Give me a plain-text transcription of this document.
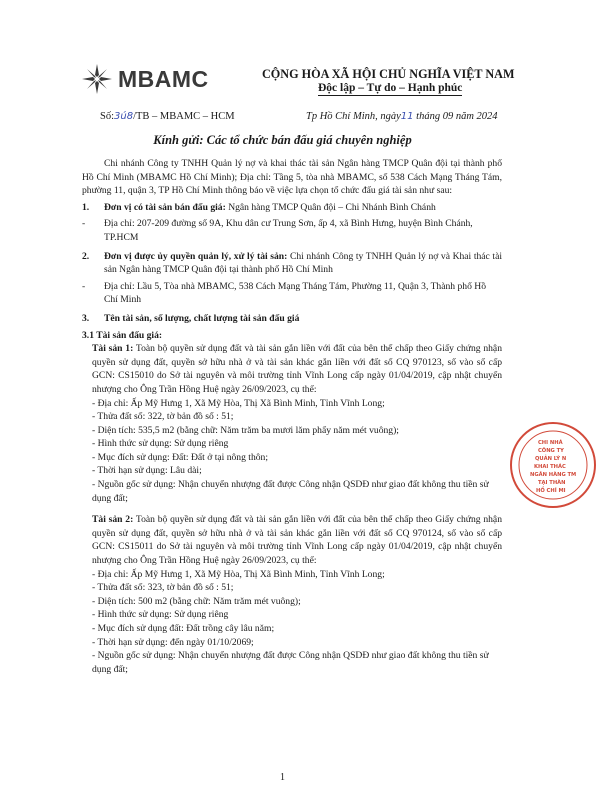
MBAMC	CỘNG HÒA XÃ HỘI CHỦ NGHĨA VIỆT NAM
Độc lập – Tự do – Hạnh phúc
Số:3ú8/TB – MBAMC – HCM	Tp Hồ Chí Minh, ngày11 tháng 09 năm 2024
Kính gửi: Các tổ chức bán đấu giá chuyên nghiệp

Chi nhánh Công ty TNHH Quản lý nợ và khai thác tài sản Ngân hàng TMCP Quân đội tại thành phố Hồ Chí Minh (MBAMC Hồ Chí Minh); Địa chỉ: Tầng 5, tòa nhà MBAMC, số 538 Cách Mạng Tháng Tám, phường 11, quận 3, TP Hồ Chí Minh thông báo về việc lựa chọn tổ chức đấu giá tài sản như sau:

1.	Đơn vị có tài sản bán đấu giá: Ngân hàng TMCP Quân đội – Chi Nhánh Bình Chánh
-	Địa chỉ: 207-209 đường số 9A, Khu dân cư Trung Sơn, ấp 4, xã Bình Hưng, huyện Bình Chánh, TP.HCM
2.	Đơn vị được ủy quyền quản lý, xử lý tài sản: Chi nhánh Công ty TNHH Quản lý nợ và Khai thác tài sản Ngân hàng TMCP Quân đội tại thành phố Hồ Chí Minh
-	Địa chỉ: Lầu 5, Tòa nhà MBAMC, 538 Cách Mạng Tháng Tám, Phường 11, Quận 3, Thành phố Hồ Chí Minh
3.	Tên tài sản, số lượng, chất lượng tài sản đấu giá
3.1 Tài sản đấu giá:

Tài sản 1: Toàn bộ quyền sử dụng đất và tài sản gắn liền với đất của bên thế chấp theo Giấy chứng nhận quyền sử dụng đất, quyền sở hữu nhà ở và tài sản khác gắn liền với đất số CQ 970123, số vào sổ cấp GCN: CS15010 do Sở tài nguyên và môi trường tỉnh Vĩnh Long cấp ngày 01/04/2019, cập nhật chuyển nhượng cho Ông Trần Hồng Huệ ngày 26/09/2023, cụ thể:

- Địa chỉ: Ấp Mỹ Hưng 1, Xã Mỹ Hòa, Thị Xã Bình Minh, Tỉnh Vĩnh Long;

- Thửa đất số: 322, tờ bản đồ số : 51;

- Diện tích: 535,5 m2 (bằng chữ: Năm trăm ba mươi lăm phẩy năm mét vuông);

- Hình thức sử dụng: Sử dụng riêng

- Mục đích sử dụng: Đất: Đất ở tại nông thôn;

- Thời hạn sử dụng: Lâu dài;

- Nguồn gốc sử dụng: Nhận chuyển nhượng đất được Công nhận QSDĐ như giao đất không thu tiền sử dụng đất;

Tài sản 2: Toàn bộ quyền sử dụng đất và tài sản gắn liền với đất của bên thế chấp theo Giấy chứng nhận quyền sử dụng đất, quyền sở hữu nhà ở và tài sản khác gắn liền với đất số CQ 970124, số vào sổ cấp GCN: CS15011 do Sở tài nguyên và môi trường tỉnh Vĩnh Long cấp ngày 01/04/2019, cập nhật chuyển nhượng cho Ông Trần Hồng Huệ ngày 26/09/2023, cụ thể:

- Địa chỉ: Ấp Mỹ Hưng 1, Xã Mỹ Hòa, Thị Xã Bình Minh, Tỉnh Vĩnh Long;

- Thửa đất số: 323, tờ bản đồ số : 51;

- Diện tích: 500 m2 (bằng chữ: Năm trăm mét vuông);

- Hình thức sử dụng: Sử dụng riêng

- Mục đích sử dụng đất: Đất trồng cây lâu năm;

- Thời hạn sử dụng: đến ngày 01/10/2069;

- Nguồn gốc sử dụng: Nhận chuyển nhượng đất được Công nhận QSDĐ như giao đất không thu tiền sử dụng đất;

CHI NHÁ
CÔNG TY
QUẢN LÝ N
KHAI THÁC
NGÂN HÀNG TM
TẠI THÀN
HỒ CHÍ MI
1
